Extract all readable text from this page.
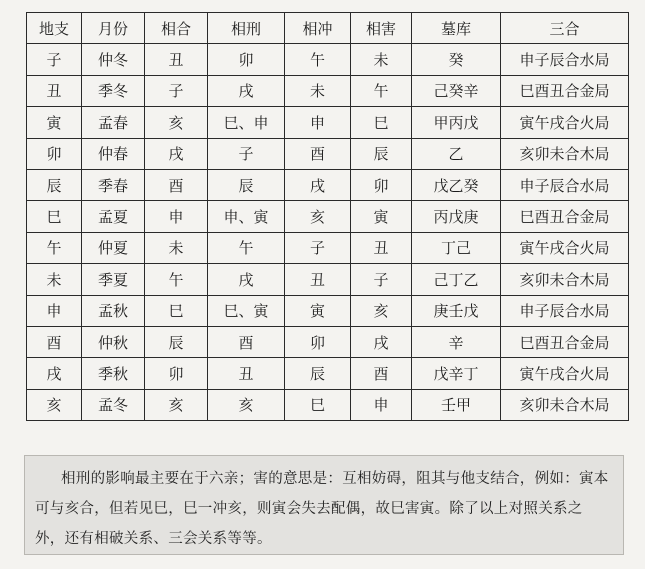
地支	月份	相合	相刑	相冲	相害	墓库	三合
子	仲冬	丑	卯	午	未	癸	申子辰合水局
丑	季冬	子	戌	未	午	己癸辛	巳酉丑合金局
寅	孟春	亥	巳、申	申	巳	甲丙戊	寅午戌合火局
卯	仲春	戌	子	酉	辰	乙	亥卯未合木局
辰	季春	酉	辰	戌	卯	戊乙癸	申子辰合水局
巳	孟夏	申	申、寅	亥	寅	丙戊庚	巳酉丑合金局
午	仲夏	未	午	子	丑	丁己	寅午戌合火局
未	季夏	午	戌	丑	子	己丁乙	亥卯未合木局
申	孟秋	巳	巳、寅	寅	亥	庚壬戊	申子辰合水局
酉	仲秋	辰	酉	卯	戌	辛	巳酉丑合金局
戌	季秋	卯	丑	辰	酉	戊辛丁	寅午戌合火局
亥	孟冬	亥	亥	巳	申	壬甲	亥卯未合木局
相刑的影响最主要在于六亲；害的意思是：互相妨碍，阻其与他支结合，例如：寅本可与亥合，但若见巳，巳一冲亥，则寅会失去配偶，故巳害寅。除了以上对照关系之外，还有相破关系、三会关系等等。
